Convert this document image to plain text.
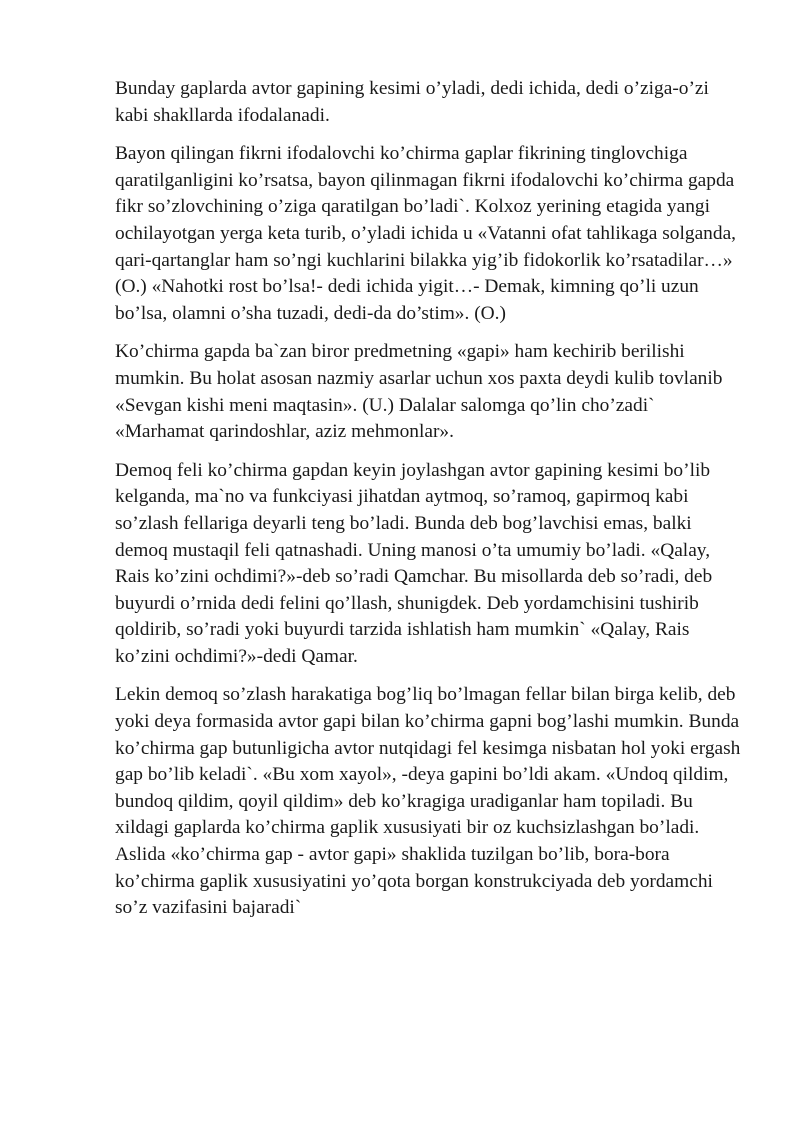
Bunday gaplarda avtor gapining kesimi o’yladi, dedi ichida, dedi o’ziga-o’zi kabi shakllarda ifodalanadi.

Bayon qilingan fikrni ifodalovchi ko’chirma gaplar fikrining tinglovchiga qaratilganligini ko’rsatsa, bayon qilinmagan fikrni ifodalovchi ko’chirma gapda fikr so’zlovchining o’ziga qaratilgan bo’ladi`. Kolxoz yerining etagida yangi ochilayotgan yerga keta turib, o’yladi ichida u «Vatanni ofat tahlikaga solganda, qari-qartanglar ham so’ngi kuchlarini bilakka yig’ib fidokorlik ko’rsatadilar…» (O.) «Nahotki rost bo’lsa!- dedi ichida yigit…- Demak, kimning qo’li uzun bo’lsa, olamni o’sha tuzadi, dedi-da do’stim». (O.)

Ko’chirma gapda ba`zan biror predmetning «gapi» ham kechirib berilishi mumkin. Bu holat asosan nazmiy asarlar uchun xos paxta deydi kulib tovlanib «Sevgan kishi meni maqtasin». (U.) Dalalar salomga qo’lin cho’zadi` «Marhamat qarindoshlar, aziz mehmonlar».

Demoq feli ko’chirma gapdan keyin joylashgan avtor gapining kesimi bo’lib kelganda, ma`no va funkciyasi jihatdan aytmoq, so’ramoq, gapirmoq kabi so’zlash fellariga deyarli teng bo’ladi. Bunda deb bog’lavchisi emas, balki demoq mustaqil feli qatnashadi. Uning manosi o’ta umumiy bo’ladi. «Qalay, Rais ko’zini ochdimi?»-deb so’radi Qamchar. Bu misollarda deb so’radi, deb buyurdi o’rnida dedi felini qo’llash, shunigdek. Deb yordamchisini tushirib qoldirib, so’radi yoki buyurdi tarzida ishlatish ham mumkin` «Qalay, Rais ko’zini ochdimi?»-dedi Qamar.

Lekin demoq so’zlash harakatiga bog’liq bo’lmagan fellar bilan birga kelib, deb yoki deya formasida avtor gapi bilan ko’chirma gapni bog’lashi mumkin. Bunda ko’chirma gap butunligicha avtor nutqidagi fel kesimga nisbatan hol yoki ergash gap bo’lib keladi`. «Bu xom xayol», -deya gapini bo’ldi akam. «Undoq qildim, bundoq qildim, qoyil qildim» deb ko’kragiga uradiganlar ham topiladi. Bu xildagi gaplarda ko’chirma gaplik xususiyati bir oz kuchsizlashgan bo’ladi. Aslida «ko’chirma gap - avtor gapi» shaklida tuzilgan bo’lib, bora-bora ko’chirma gaplik xususiyatini yo’qota borgan konstrukciyada deb yordamchi so’z vazifasini bajaradi`
